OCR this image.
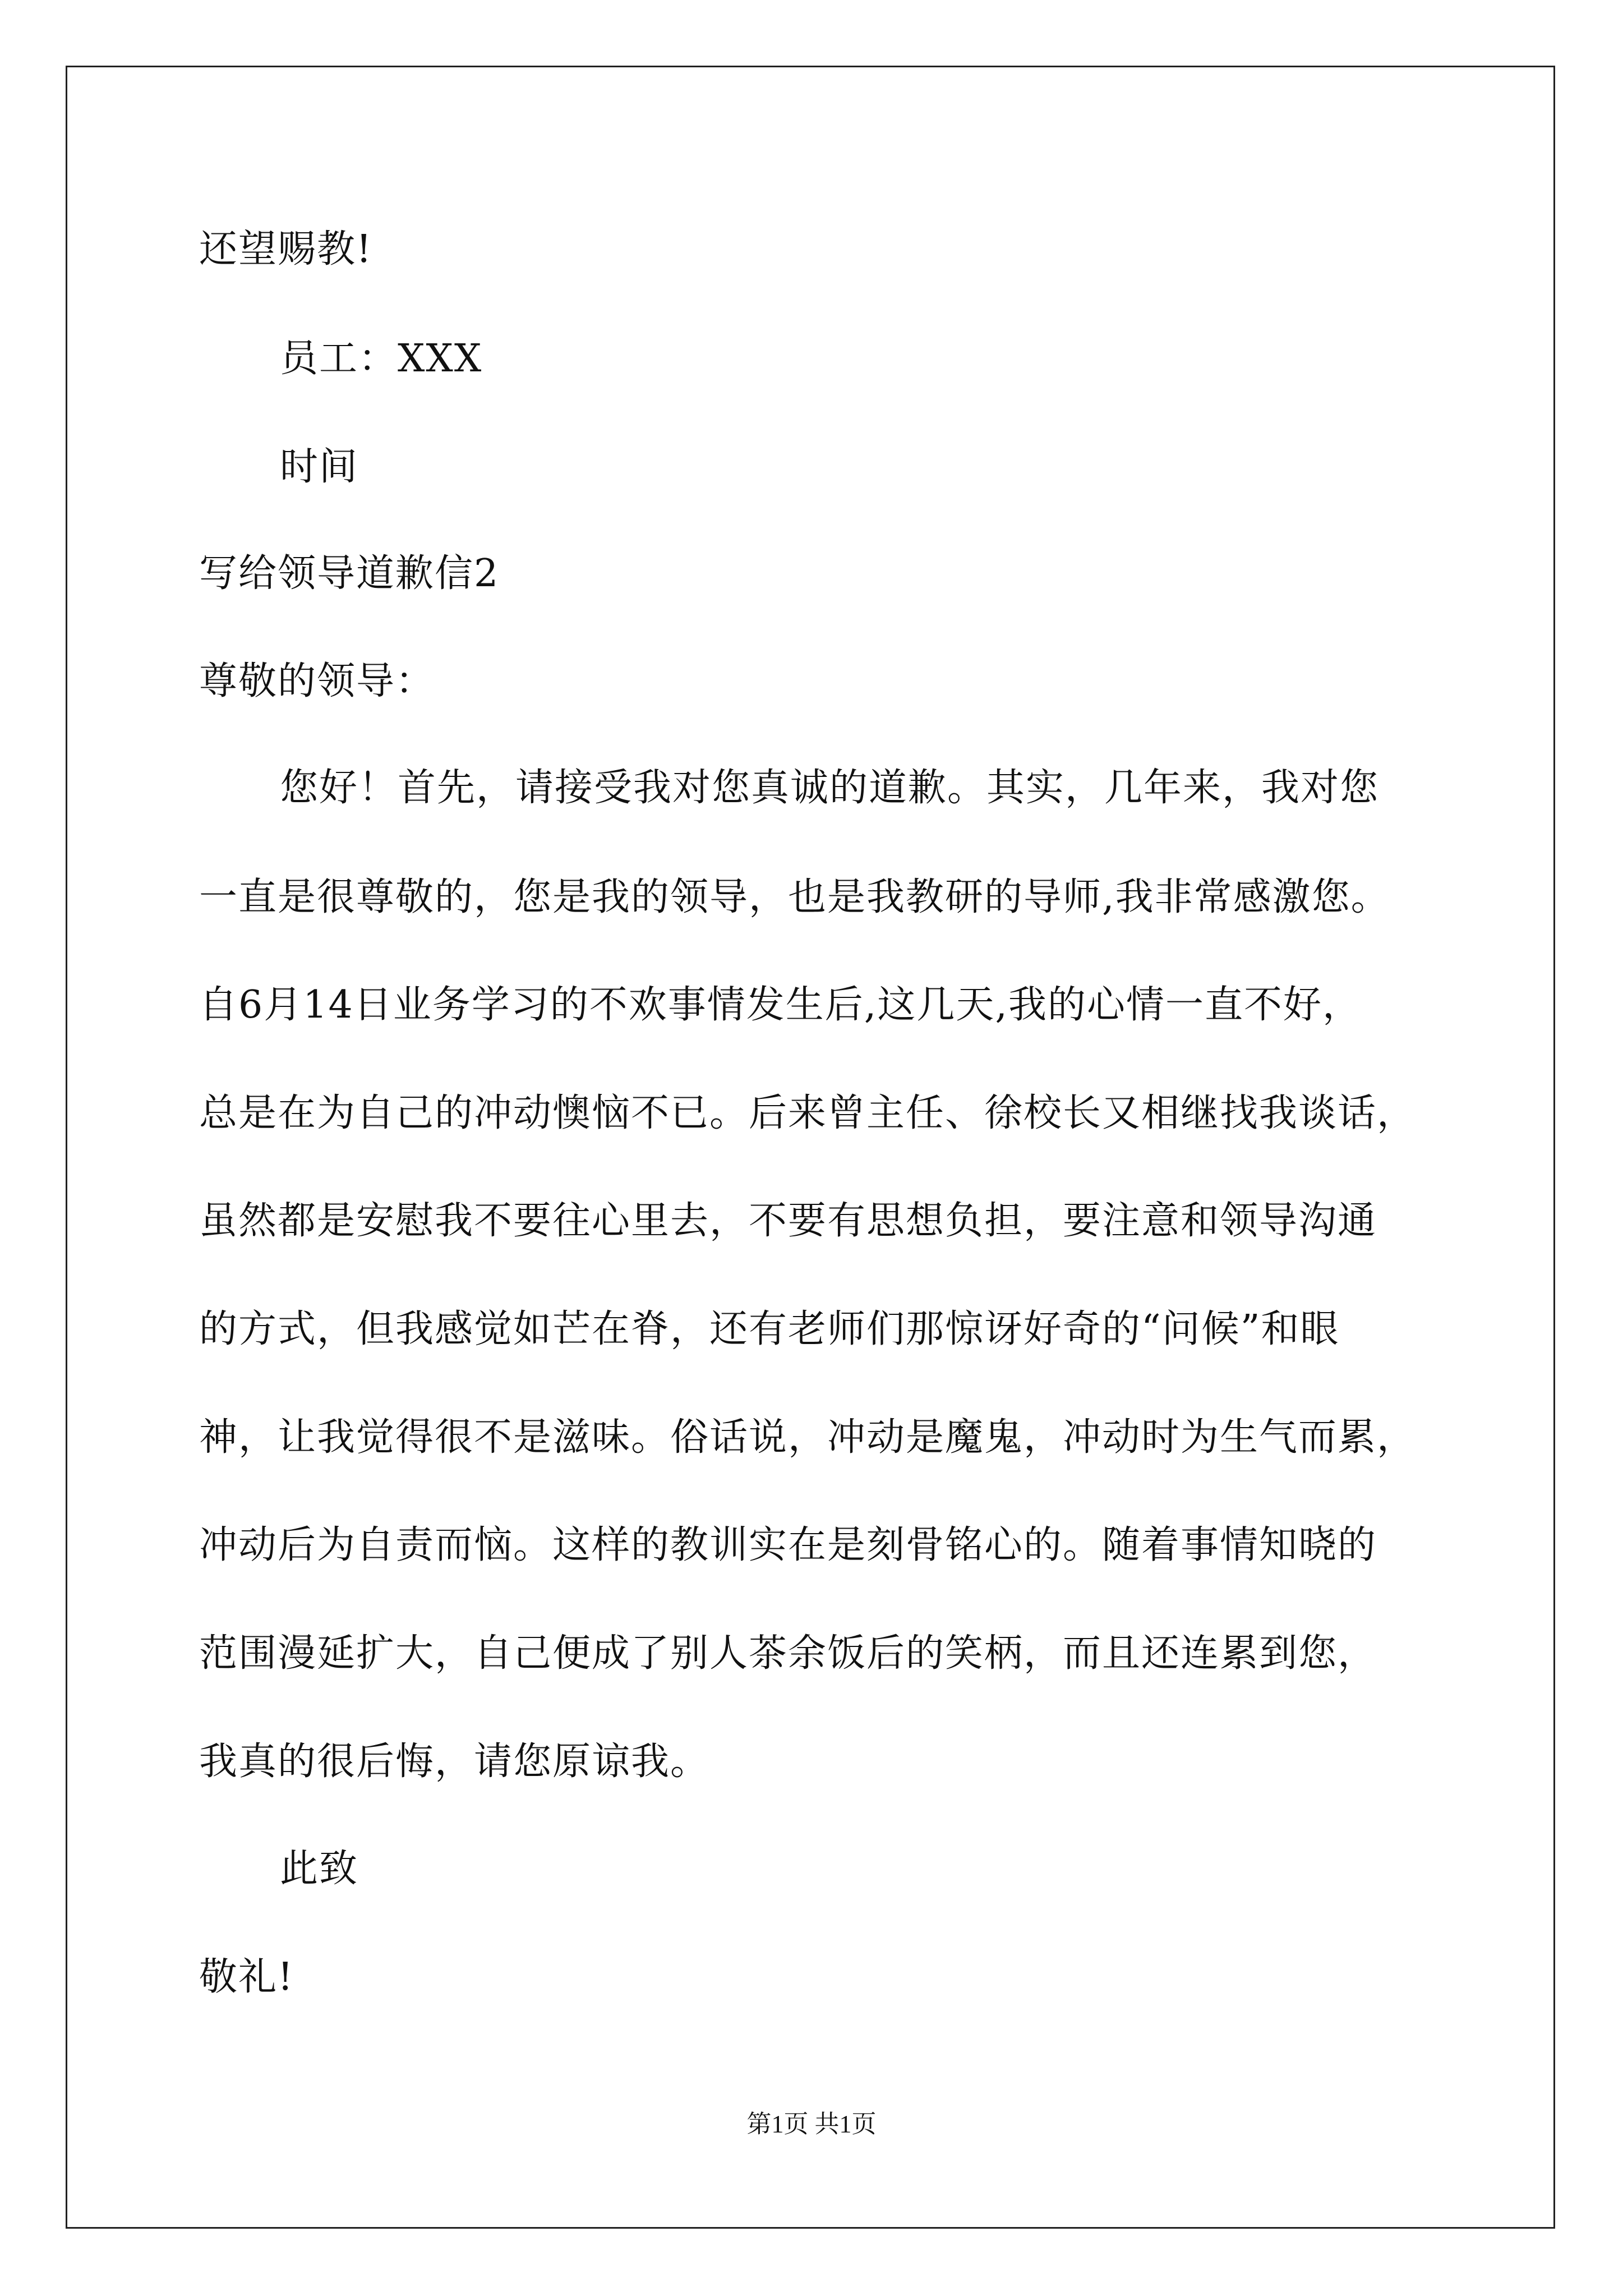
还望赐教!
员工：XXX
时间
写给领导道歉信2
尊敬的领导：
您好！首先，请接受我对您真诚的道歉。其实，几年来，我对您
一直是很尊敬的，您是我的领导，也是我教研的导师,我非常感激您。
自6月14日业务学习的不欢事情发生后,这几天,我的心情一直不好，
总是在为自己的冲动懊恼不已。后来曾主任、徐校长又相继找我谈话，
虽然都是安慰我不要往心里去，不要有思想负担，要注意和领导沟通
的方式，但我感觉如芒在脊，还有老师们那惊讶好奇的“问候”和眼
神，让我觉得很不是滋味。俗话说，冲动是魔鬼，冲动时为生气而累，
冲动后为自责而恼。这样的教训实在是刻骨铭心的。随着事情知晓的
范围漫延扩大，自己便成了别人茶余饭后的笑柄，而且还连累到您，
我真的很后悔，请您原谅我。
此致
敬礼!
第1页 共1页
